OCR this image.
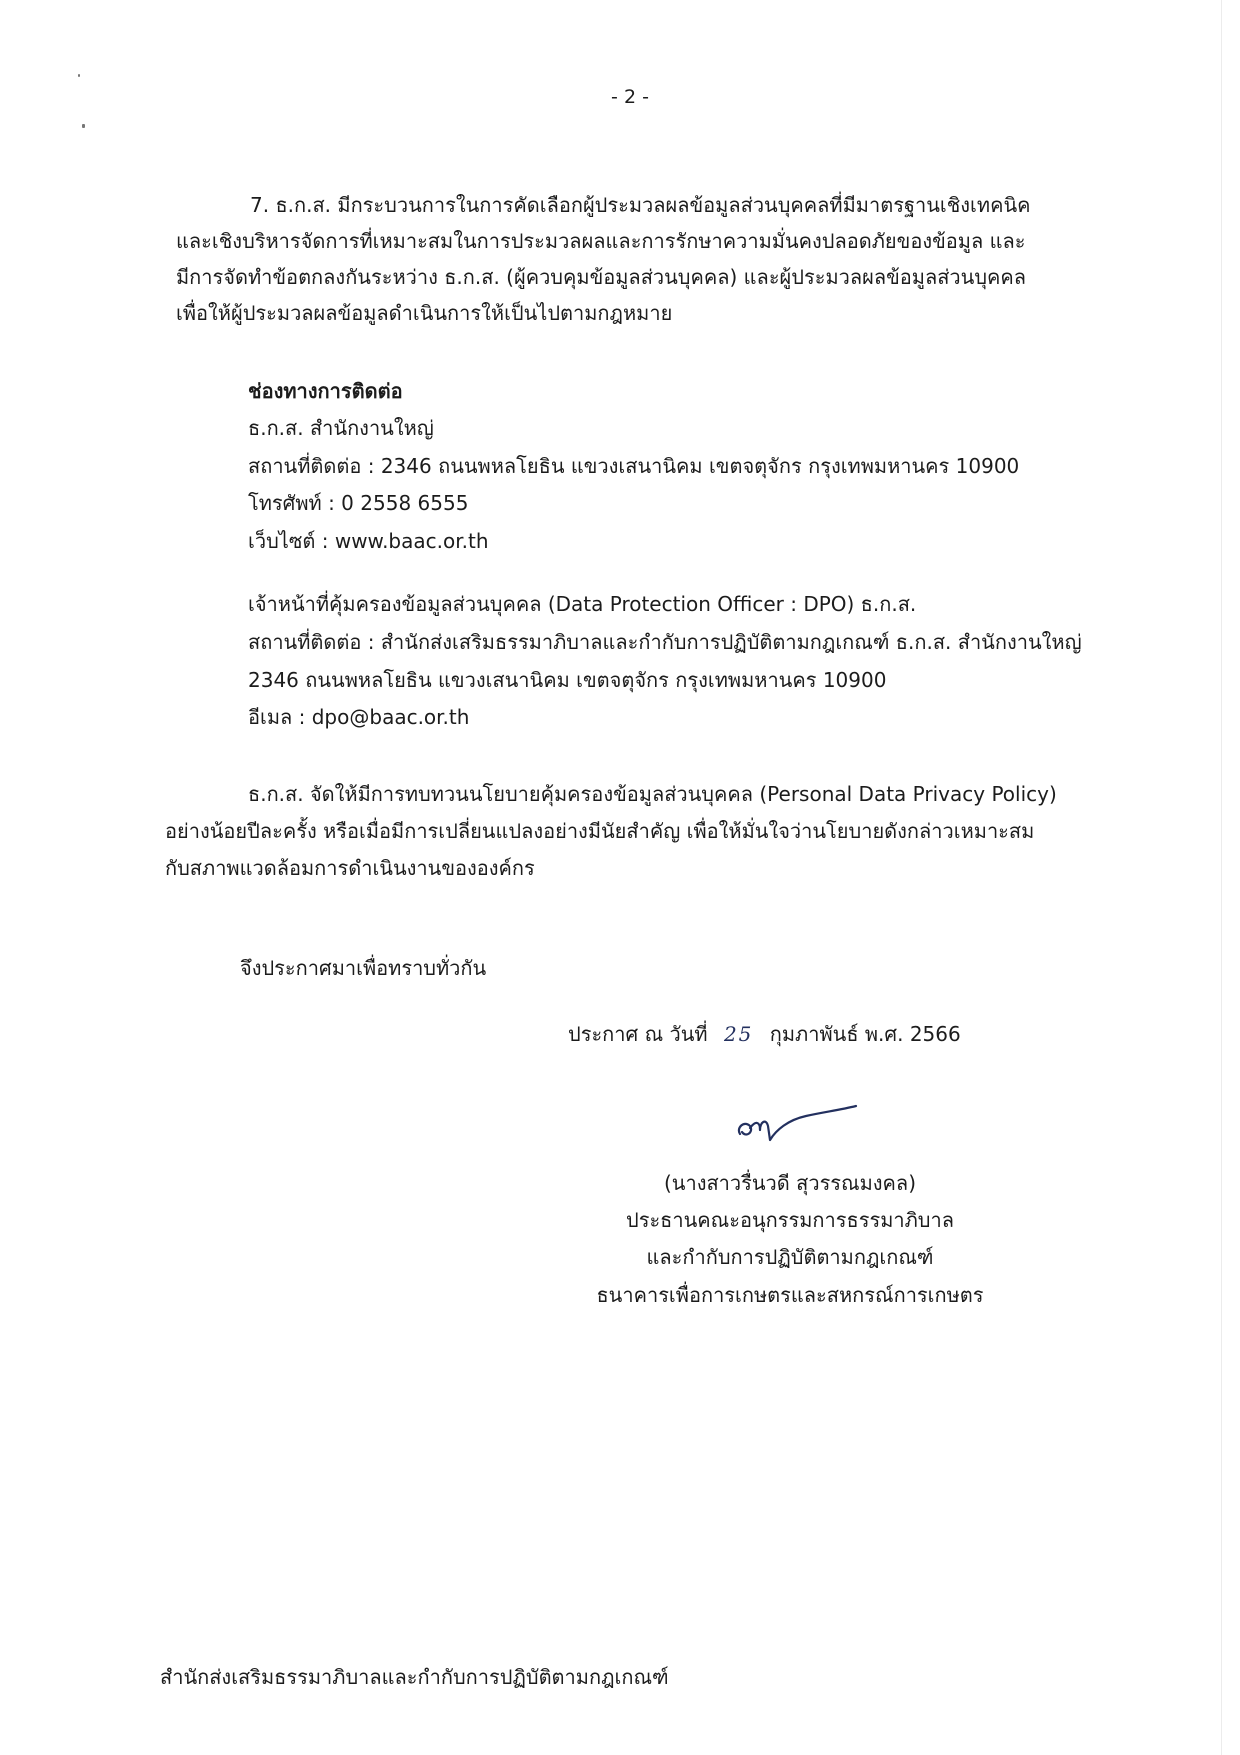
- 2 -
7. ธ.ก.ส. มีกระบวนการในการคัดเลือกผู้ประมวลผลข้อมูลส่วนบุคคลที่มีมาตรฐานเชิงเทคนิค
และเชิงบริหารจัดการที่เหมาะสมในการประมวลผลและการรักษาความมั่นคงปลอดภัยของข้อมูล และ
มีการจัดทำข้อตกลงกันระหว่าง ธ.ก.ส. (ผู้ควบคุมข้อมูลส่วนบุคคล) และผู้ประมวลผลข้อมูลส่วนบุคคล
เพื่อให้ผู้ประมวลผลข้อมูลดำเนินการให้เป็นไปตามกฎหมาย
ช่องทางการติดต่อ
ธ.ก.ส. สำนักงานใหญ่
สถานที่ติดต่อ : 2346 ถนนพหลโยธิน แขวงเสนานิคม เขตจตุจักร กรุงเทพมหานคร 10900
โทรศัพท์ : 0 2558 6555
เว็บไซต์ : www.baac.or.th
เจ้าหน้าที่คุ้มครองข้อมูลส่วนบุคคล (Data Protection Officer : DPO) ธ.ก.ส.
สถานที่ติดต่อ : สำนักส่งเสริมธรรมาภิบาลและกำกับการปฏิบัติตามกฎเกณฑ์ ธ.ก.ส. สำนักงานใหญ่
2346 ถนนพหลโยธิน แขวงเสนานิคม เขตจตุจักร กรุงเทพมหานคร 10900
อีเมล : dpo@baac.or.th
ธ.ก.ส. จัดให้มีการทบทวนนโยบายคุ้มครองข้อมูลส่วนบุคคล (Personal Data Privacy Policy)
อย่างน้อยปีละครั้ง หรือเมื่อมีการเปลี่ยนแปลงอย่างมีนัยสำคัญ เพื่อให้มั่นใจว่านโยบายดังกล่าวเหมาะสม
กับสภาพแวดล้อมการดำเนินงานขององค์กร
จึงประกาศมาเพื่อทราบทั่วกัน
ประกาศ ณ วันที่ 25 กุมภาพันธ์ พ.ศ. 2566
(นางสาวรื่นวดี สุวรรณมงคล)
ประธานคณะอนุกรรมการธรรมาภิบาล
และกำกับการปฏิบัติตามกฎเกณฑ์
ธนาคารเพื่อการเกษตรและสหกรณ์การเกษตร
สำนักส่งเสริมธรรมาภิบาลและกำกับการปฏิบัติตามกฎเกณฑ์
